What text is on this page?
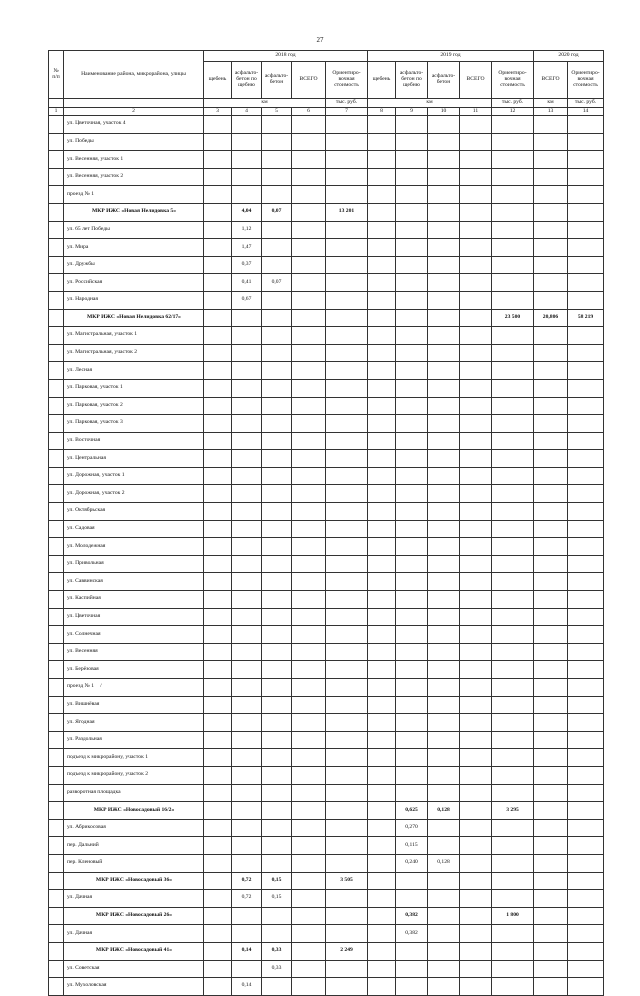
27
№ п/п	Наименование района, микрорайона, улицы	2018 год					2019 год					2020 год	
		щебень	асфальто-бетон по щебню	асфальто-бетон	ВСЕГО	Ориентиро-вочная стоимость	щебень	асфальто-бетон по щебню	асфальто-бетон	ВСЕГО	Ориентиро-вочная стоимость	ВСЕГО	Ориентиро-вочная стоимость
		км				тыс. руб.	км				тыс. руб.	км	тыс. руб.
1	2	3	4	5	6	7	8	9	10	11	12	13	14
	ул. Цветочная, участок 4												
	ул. Победы												
	ул. Весенняя, участок 1												
	ул. Весенняя, участок 2												
	проезд № 1												
	МКР ИЖС «Новая Нелидовка 5»		4,04	0,07		13 201							
	ул. 65 лет Победы		1,12										
	ул. Мира		1,47										
	ул. Дружбы		0,37										
	ул. Российская		0,41	0,07									
	ул. Народная		0,67										
	МКР ИЖС «Новая Нелидовка 62/17»										23 500	20,806	58 219
	ул. Магистральная, участок 1												
	ул. Магистральная, участок 2												
	ул. Лесная												
	ул. Парковая, участок 1												
	ул. Парковая, участок 2												
	ул. Парковая, участок 3												
	ул. Восточная												
	ул. Центральная												
	ул. Дорожная, участок 1												
	ул. Дорожная, участок 2												
	ул. Октябрьская												
	ул. Садовая												
	ул. Молодежная												
	ул. Привольная												
	ул. Саввинская												
	ул. Каспийная												
	ул. Цветочная												
	ул. Солнечная												
	ул. Весенняя												
	ул. Берёзовая												
	проезд № 1 /												
	ул. Вишнёвая												
	ул. Ягодная												
	ул. Раздольная												
	подъезд к микрорайону, участок 1												
	подъезд к микрорайону, участок 2												
	разворотная площадка												
	МКР ИЖС «Новосадовый 16/2»							0,625	0,128		3 295		
	ул. Абрикосовая							0,270					
	пер. Дальний							0,115					
	пер. Кленовый							0,240	0,128				
	МКР ИЖС «Новосадовый 36»		0,72	0,15		3 505							
	ул. Дачная		0,72	0,15									
	МКР ИЖС «Новосадовый 26»							0,382			1 800		
	ул. Дачная							0,382					
	МКР ИЖС «Новосадовый 41»		0,14	0,33		2 249							
	ул. Советская			0,33									
	ул. Мухоловская		0,14										
